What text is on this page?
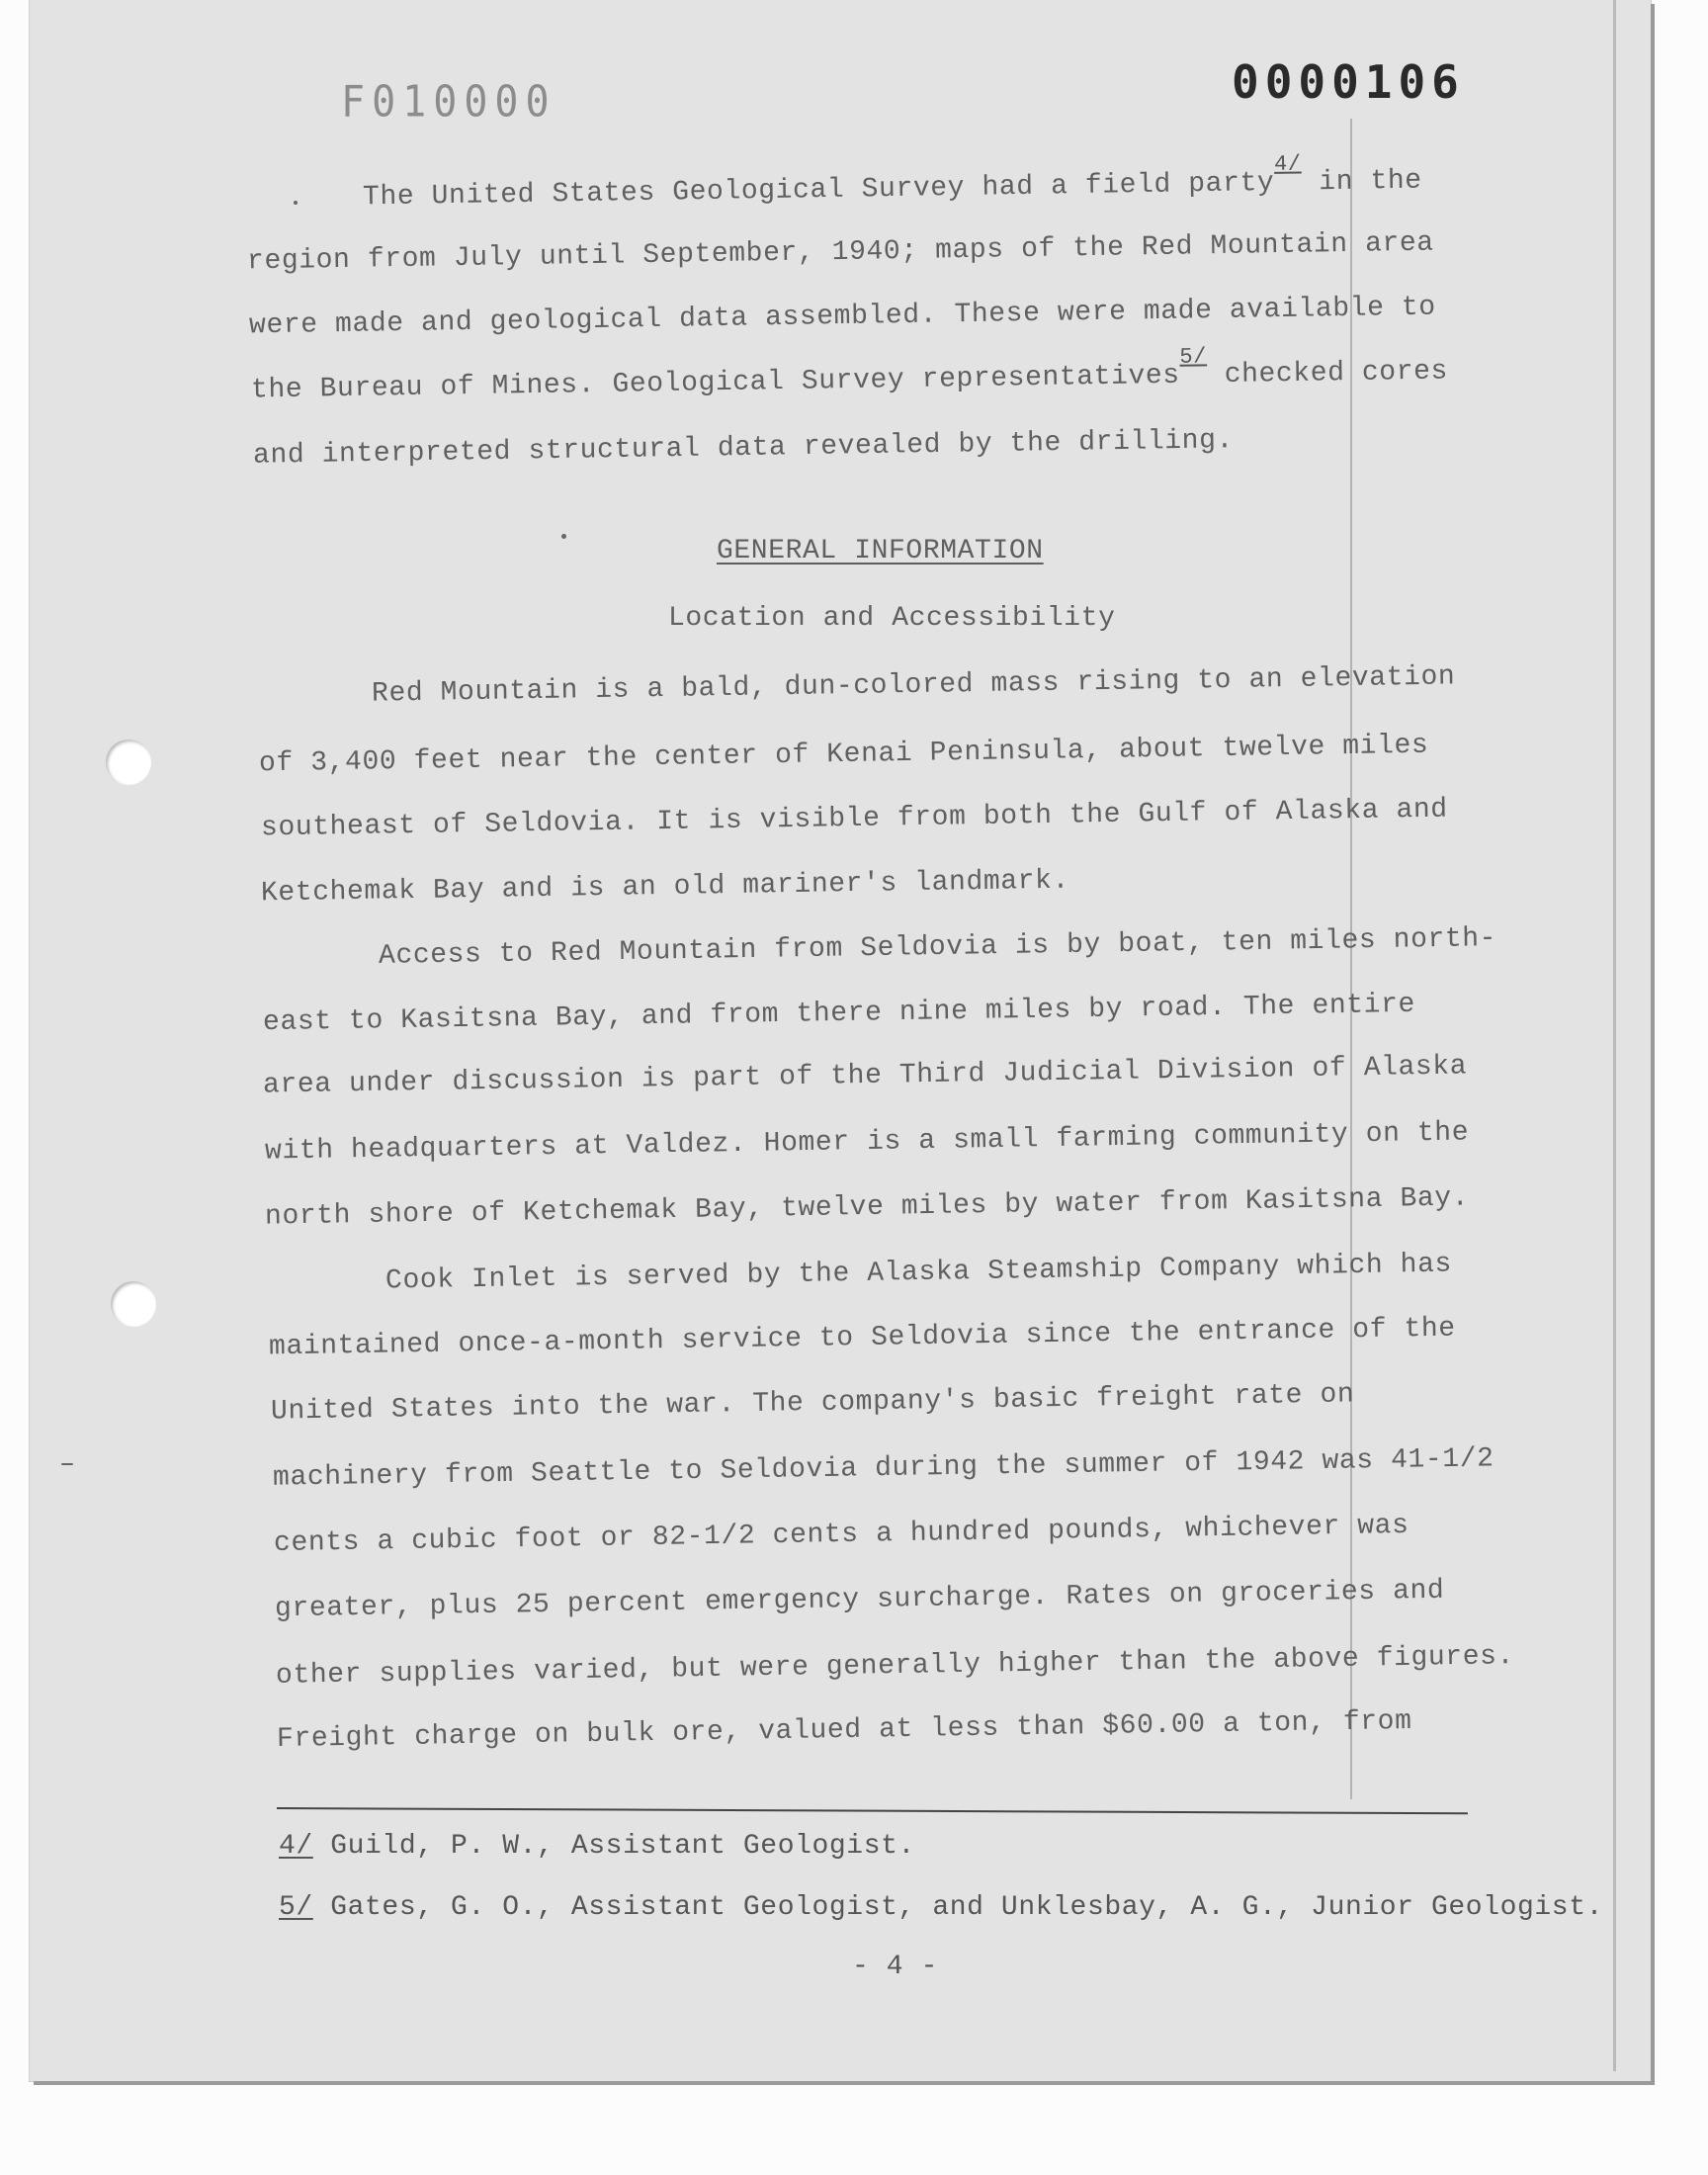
0000106
F010000
The United States Geological Survey had a field party$^{4/}$ in the
region from July until September, 1940; maps of the Red Mountain area
were made and geological data assembled. These were made available to
the Bureau of Mines. Geological Survey representatives$^{5/}$ checked cores
and interpreted structural data revealed by the drilling.
GENERAL INFORMATION
Location and Accessibility
Red Mountain is a bald, dun-colored mass rising to an elevation
of 3,400 feet near the center of Kenai Peninsula, about twelve miles
southeast of Seldovia. It is visible from both the Gulf of Alaska and
Ketchemak Bay and is an old mariner's landmark.
Access to Red Mountain from Seldovia is by boat, ten miles north-
east to Kasitsna Bay, and from there nine miles by road. The entire
area under discussion is part of the Third Judicial Division of Alaska
with headquarters at Valdez. Homer is a small farming community on the
north shore of Ketchemak Bay, twelve miles by water from Kasitsna Bay.
Cook Inlet is served by the Alaska Steamship Company which has
maintained once-a-month service to Seldovia since the entrance of the
United States into the war. The company's basic freight rate on
machinery from Seattle to Seldovia during the summer of 1942 was 41-1/2
cents a cubic foot or 82-1/2 cents a hundred pounds, whichever was
greater, plus 25 percent emergency surcharge. Rates on groceries and
other supplies varied, but were generally higher than the above figures.
Freight charge on bulk ore, valued at less than $60.00 a ton, from
4/ Guild, P. W., Assistant Geologist.
5/ Gates, G. O., Assistant Geologist, and Unklesbay, A. G., Junior Geologist.
- 4 -
